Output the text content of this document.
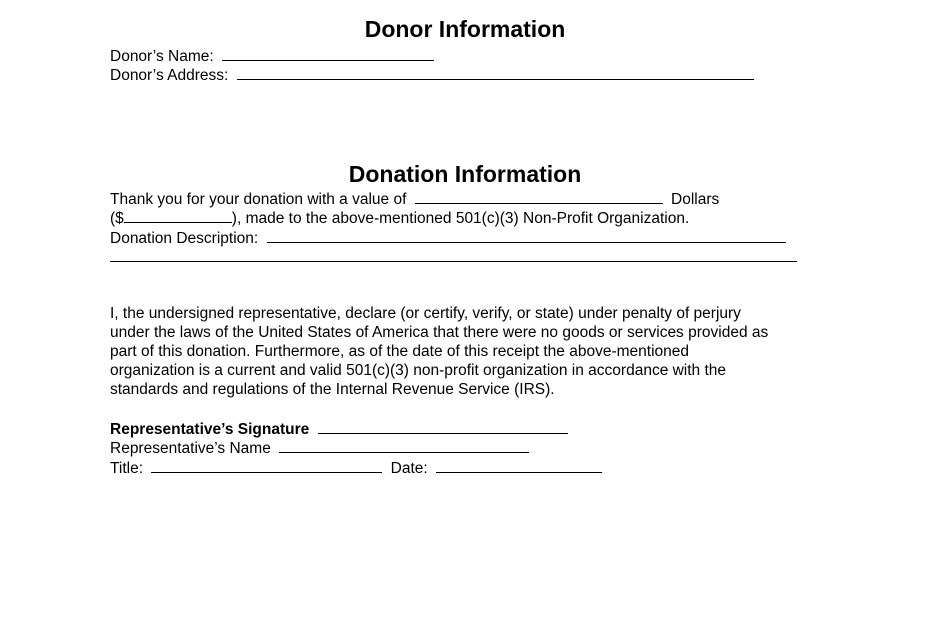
Donor Information
Donor’s Name:
Donor’s Address:
Donation Information
Thank you for your donation with a value of	Dollars
($	), made to the above-mentioned 501(c)(3) Non-Profit Organization.
Donation Description:
I, the undersigned representative, declare (or certify, verify, or state) under penalty of perjury
under the laws of the United States of America that there were no goods or services provided as
part of this donation. Furthermore, as of the date of this receipt the above-mentioned
organization is a current and valid 501(c)(3) non-profit organization in accordance with the
standards and regulations of the Internal Revenue Service (IRS).
Representative’s Signature
Representative’s Name
Title:	Date:
